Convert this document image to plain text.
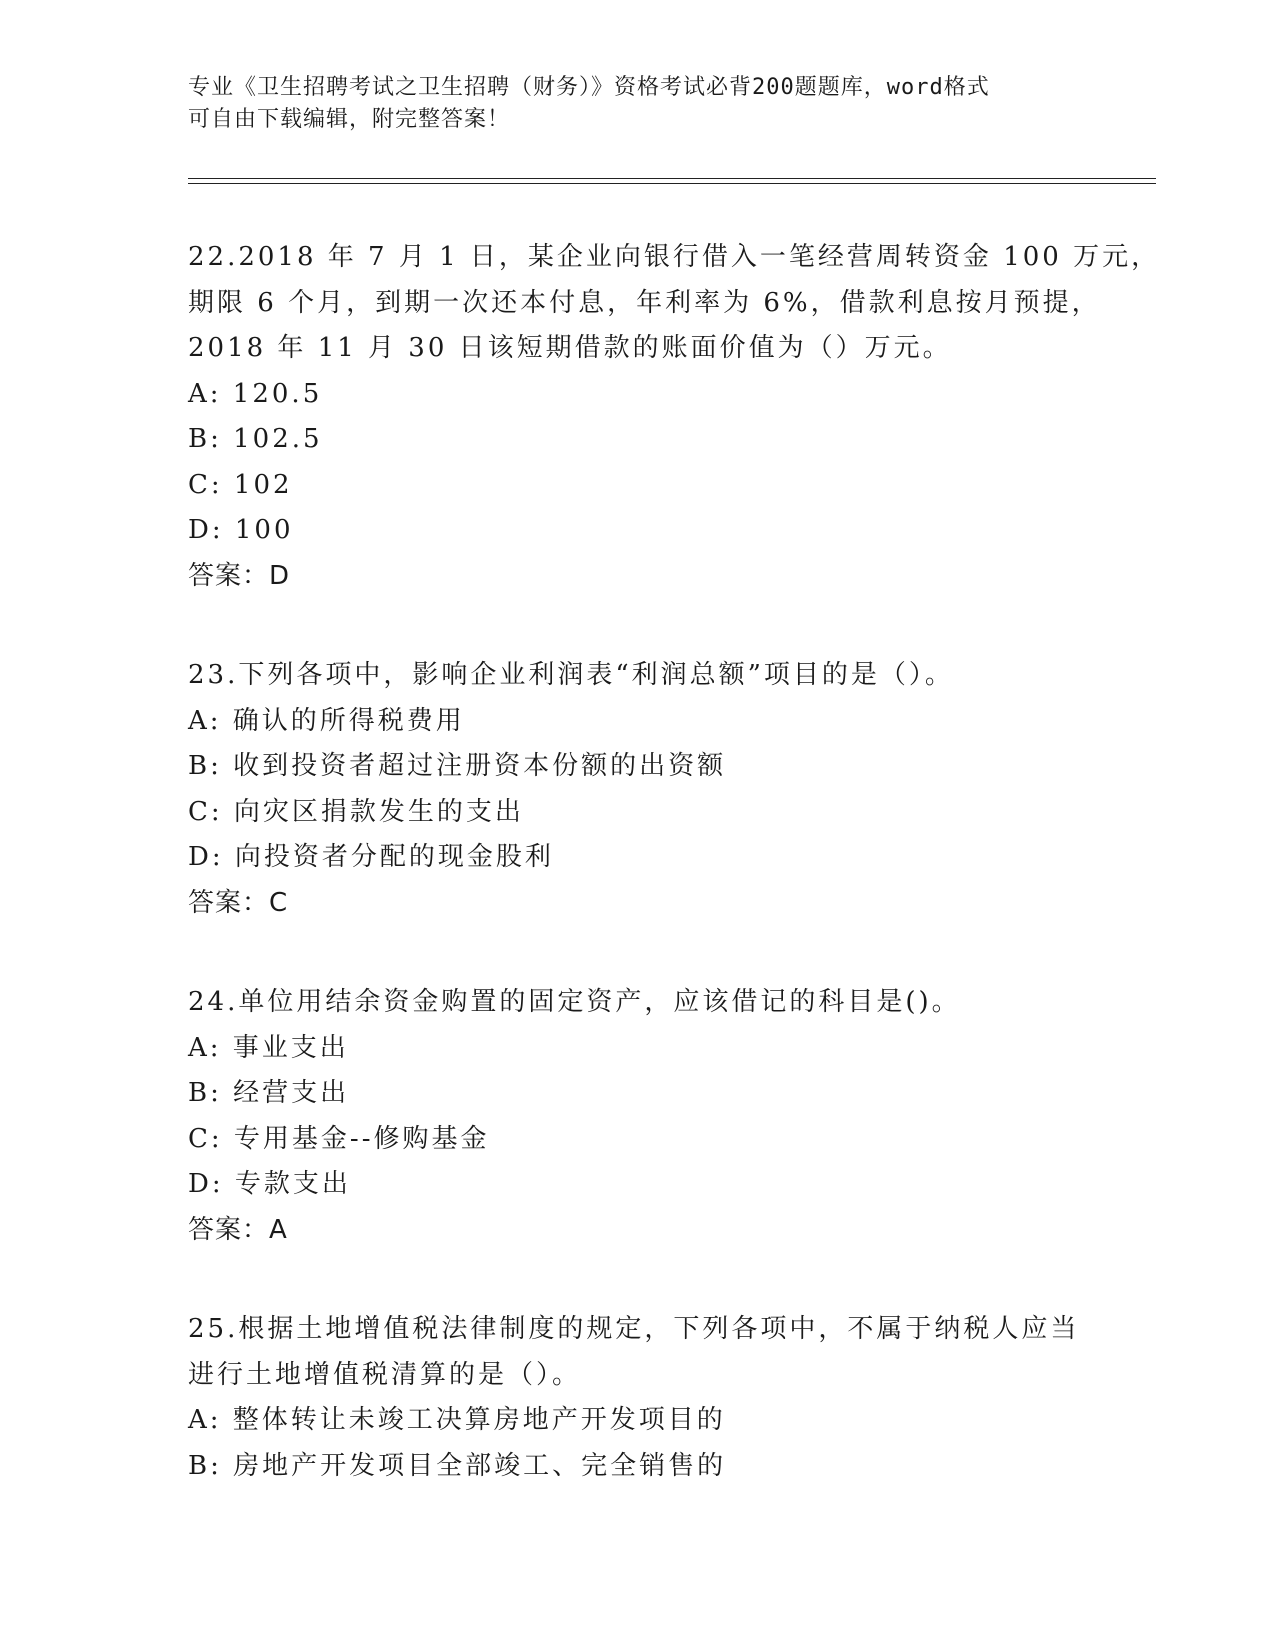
专业《卫生招聘考试之卫生招聘（财务）》资格考试必背200题题库，word格式
可自由下载编辑，附完整答案！
22.2018 年 7 月 1 日，某企业向银行借入一笔经营周转资金 100 万元，
期限 6 个月，到期一次还本付息，年利率为 6%，借款利息按月预提，
2018 年 11 月 30 日该短期借款的账面价值为（）万元。
A: 120.5
B: 102.5
C: 102
D: 100
答案：D
23.下列各项中，影响企业利润表“利润总额”项目的是（）。
A: 确认的所得税费用
B: 收到投资者超过注册资本份额的出资额
C: 向灾区捐款发生的支出
D: 向投资者分配的现金股利
答案：C
24.单位用结余资金购置的固定资产，应该借记的科目是()。
A: 事业支出
B: 经营支出
C: 专用基金--修购基金
D: 专款支出
答案：A
25.根据土地增值税法律制度的规定，下列各项中，不属于纳税人应当
进行土地增值税清算的是（）。
A: 整体转让未竣工决算房地产开发项目的
B: 房地产开发项目全部竣工、完全销售的
